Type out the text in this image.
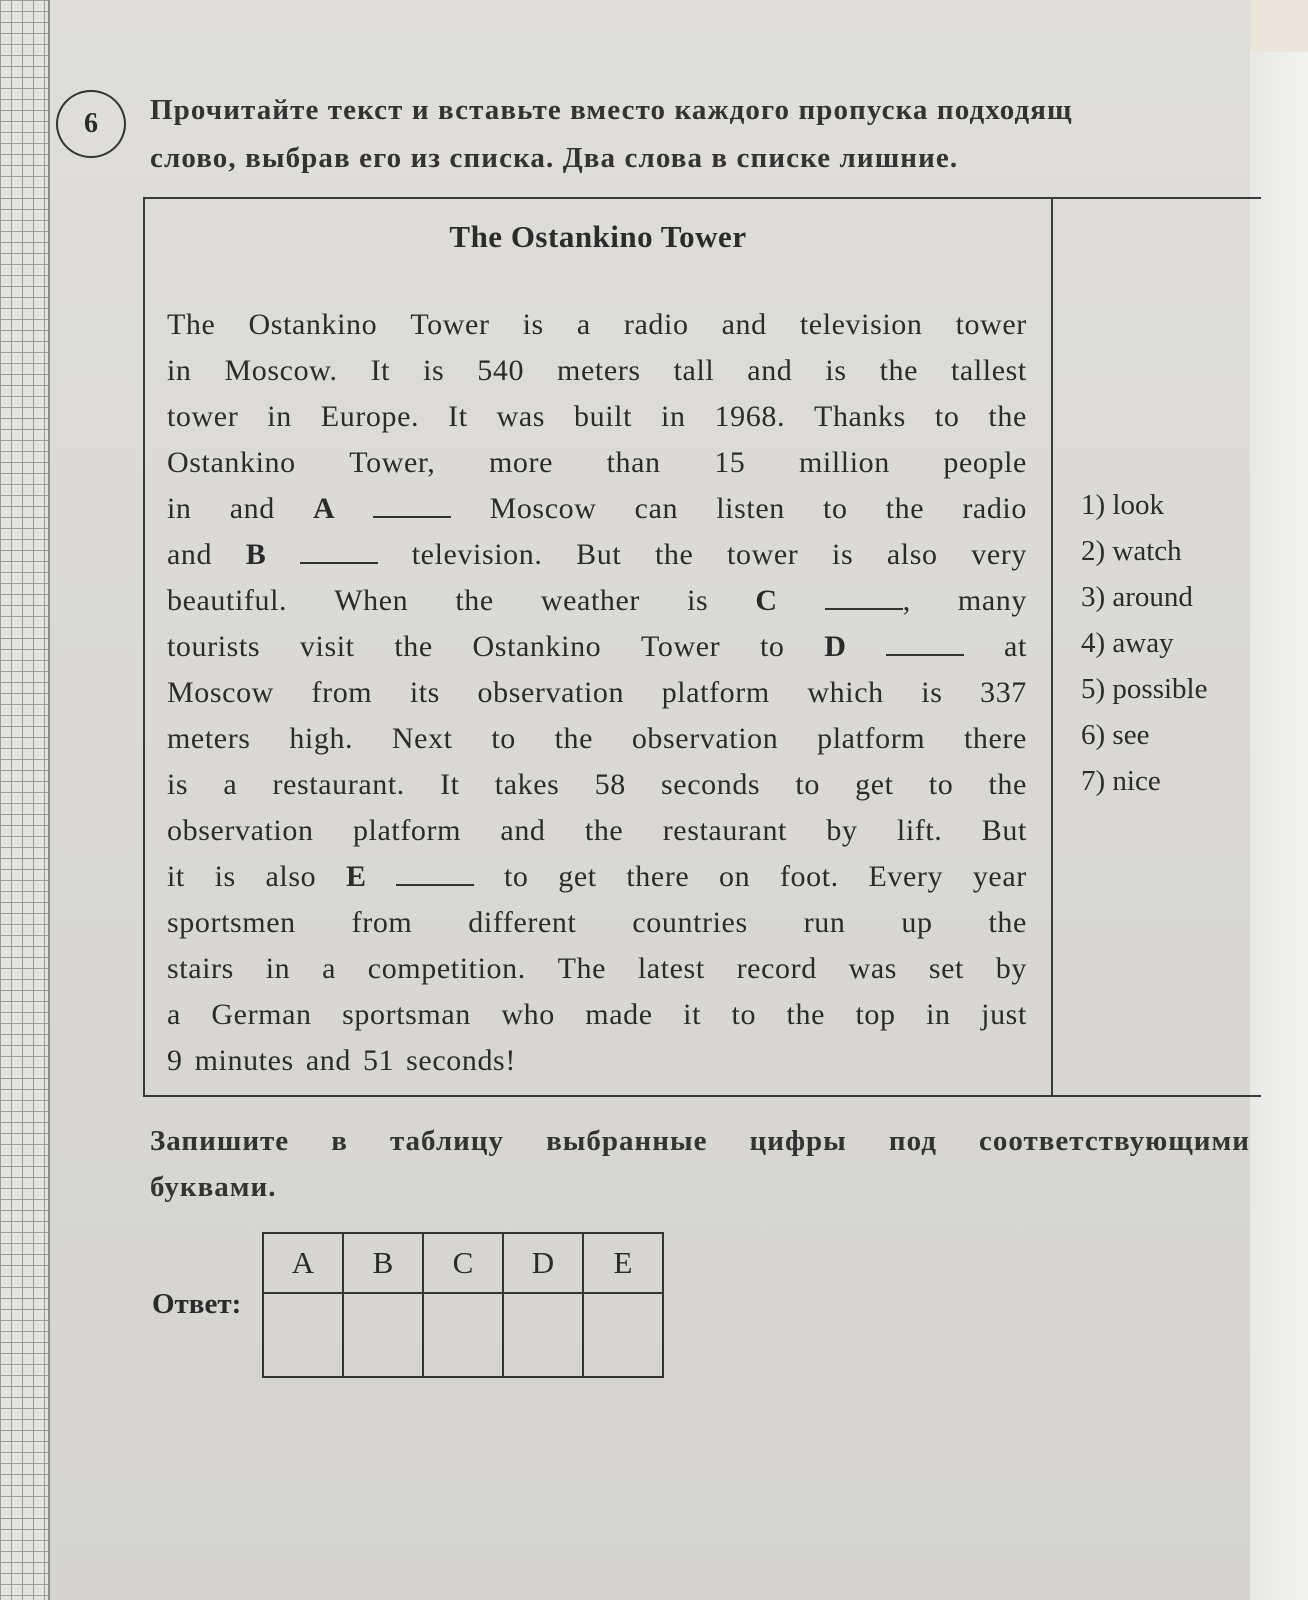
6 Прочитайте текст и вставьте вместо каждого пропуска подходящ
слово, выбрав его из списка. Два слова в списке лишние.
The Ostankino Tower
The Ostankino Tower is a radio and television tower
in Moscow. It is 540 meters tall and is the tallest
tower in Europe. It was built in 1968. Thanks to the
Ostankino Tower, more than 15 million people
in and A	Moscow can listen to the radio
and B	television. But the tower is also very
beautiful. When the weather is C	, many
tourists visit the Ostankino Tower to D	at
Moscow from its observation platform which is 337
meters high. Next to the observation platform there
is a restaurant. It takes 58 seconds to get to the
observation platform and the restaurant by lift. But
it is also E	to get there on foot. Every year
sportsmen from different countries run up the
stairs in a competition. The latest record was set by
a German sportsman who made it to the top in just
9 minutes and 51 seconds!
1) look
2) watch
3) around
4) away
5) possible
6) see
7) nice
Запишите в таблицу выбранные цифры под соответствующими
буквами.
Ответ:
A	B	C	D	E
